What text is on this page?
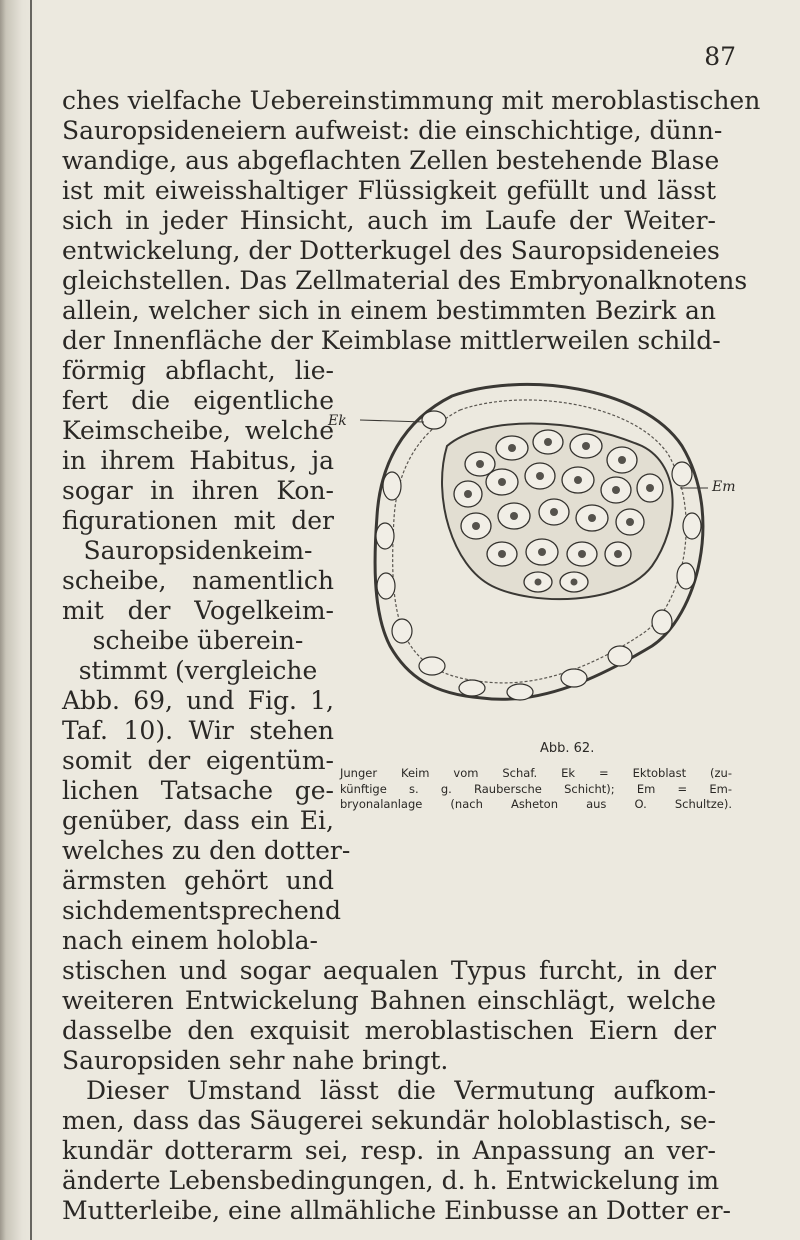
87
ches vielfache Uebereinstimmung mit meroblastischen
Sauropsideneiern aufweist: die einschichtige, dünn-
wandige, aus abgeflachten Zellen bestehende Blase
ist mit eiweisshaltiger Flüssigkeit gefüllt und lässt
sich in jeder Hinsicht, auch im Laufe der Weiter-
entwickelung, der Dotterkugel des Sauropsideneies
gleichstellen. Das Zellmaterial des Embryonalknotens
allein, welcher sich in einem bestimmten Bezirk an
der Innenfläche der Keimblase mittlerweilen schild-
förmig abflacht, lie-
fert die eigentliche
Keimscheibe, welche
in ihrem Habitus, ja
sogar in ihren Kon-
figurationen mit der
Sauropsidenkeim-
scheibe, namentlich
mit der Vogelkeim-
scheibe überein-
stimmt (vergleiche
Abb. 69, und Fig. 1,
Taf. 10). Wir stehen
somit der eigentüm-
lichen Tatsache ge-
genüber, dass ein Ei,
welches zu den dotter-
ärmsten gehört und
sichdementsprechend
nach einem holobla-
stischen und sogar aequalen Typus furcht, in der
weiteren Entwickelung Bahnen einschlägt, welche
dasselbe den exquisit meroblastischen Eiern der
Sauropsiden sehr nahe bringt.
Dieser Umstand lässt die Vermutung aufkom-
men, dass das Säugerei sekundär holoblastisch, se-
kundär dotterarm sei, resp. in Anpassung an ver-
änderte Lebensbedingungen, d. h. Entwickelung im
Mutterleibe, eine allmähliche Einbusse an Dotter er-
Ek
Em
Abb. 62.
Junger Keim vom Schaf. Ek = Ektoblast (zu-
künftige s. g. Raubersche Schicht); Em = Em-
bryonalanlage (nach Asheton aus O. Schultze).
